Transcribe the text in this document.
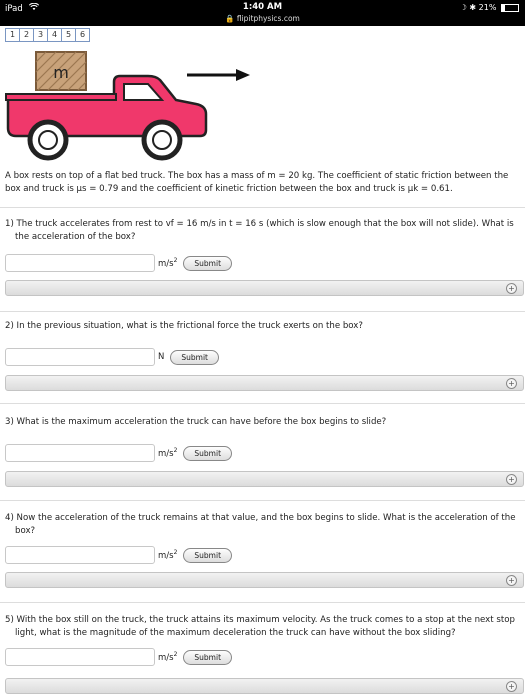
iPad	1:40 AM
🔒 flipitphysics.com
☽ ✱ 21%
1	2	3	4	5	6
m
A box rests on top of a flat bed truck. The box has a mass of m = 20 kg. The coefficient of static friction between the
box and truck is μs = 0.79 and the coefficient of kinetic friction between the box and truck is μk = 0.61.
1) The truck accelerates from rest to vf = 16 m/s in t = 16 s (which is slow enough that the box will not slide). What is
the acceleration of the box?
$m/s^2$	Submit
+
2) In the previous situation, what is the frictional force the truck exerts on the box?
N	Submit
+
3) What is the maximum acceleration the truck can have before the box begins to slide?
$m/s^2$	Submit
+
4) Now the acceleration of the truck remains at that value, and the box begins to slide. What is the acceleration of the
box?
$m/s^2$	Submit
+
5) With the box still on the truck, the truck attains its maximum velocity. As the truck comes to a stop at the next stop
light, what is the magnitude of the maximum deceleration the truck can have without the box sliding?
$m/s^2$	Submit
+
